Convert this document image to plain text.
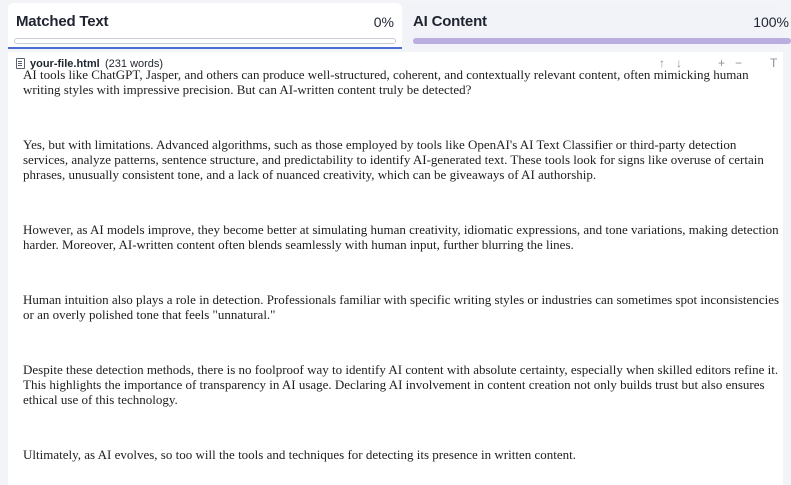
Matched Text	0% AI Content	100%
your-file.html (231 words)	↑ ↓	+ − T

AI tools like ChatGPT, Jasper, and others can produce well-structured, coherent, and contextually relevant content, often mimicking human writing styles with impressive precision. But can AI-written content truly be detected?

Yes, but with limitations. Advanced algorithms, such as those employed by tools like OpenAI's AI Text Classifier or third-party detection services, analyze patterns, sentence structure, and predictability to identify AI-generated text. These tools look for signs like overuse of certain phrases, unusually consistent tone, and a lack of nuanced creativity, which can be giveaways of AI authorship.

However, as AI models improve, they become better at simulating human creativity, idiomatic expressions, and tone variations, making detection harder. Moreover, AI-written content often blends seamlessly with human input, further blurring the lines.

Human intuition also plays a role in detection. Professionals familiar with specific writing styles or industries can sometimes spot inconsistencies or an overly polished tone that feels "unnatural."

Despite these detection methods, there is no foolproof way to identify AI content with absolute certainty, especially when skilled editors refine it. This highlights the importance of transparency in AI usage. Declaring AI involvement in content creation not only builds trust but also ensures ethical use of this technology.

Ultimately, as AI evolves, so too will the tools and techniques for detecting its presence in written content.
